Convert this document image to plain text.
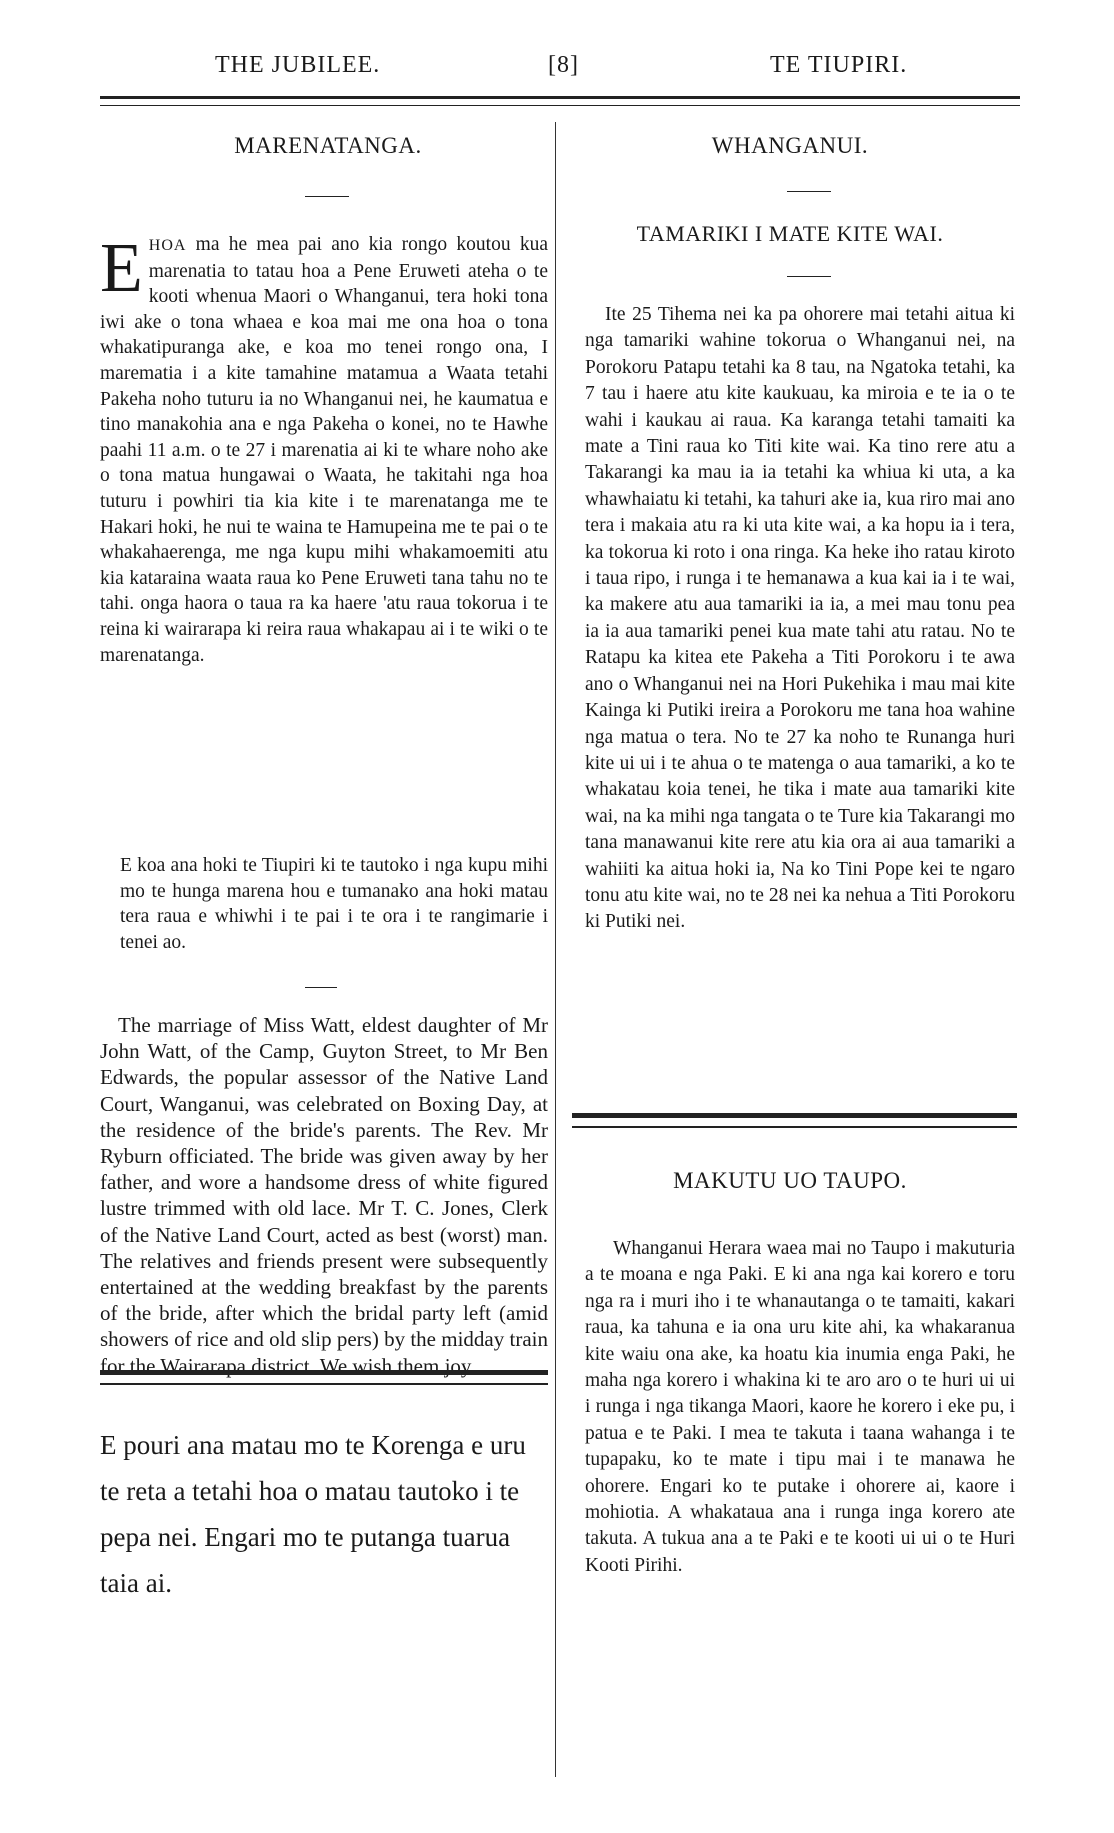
THE JUBILEE.	[8]	TE TIUPIRI.
MARENATANGA.

EHOA ma he mea pai ano kia rongo koutou kua marenatia to tatau hoa a Pene Eruweti ateha o te kooti whenua Maori o Whanganui, tera hoki tona iwi ake o tona whaea e koa mai me ona hoa o tona whakatipuranga ake, e koa mo tenei rongo ona, I marematia i a kite tamahine matamua a Waata tetahi Pakeha noho tuturu ia no Whanganui nei, he kaumatua e tino manakohia ana e nga Pakeha o konei, no te Hawhe paahi 11 a.m. o te 27 i marenatia ai ki te whare noho ake o tona matua hungawai o Waata, he takitahi nga hoa tuturu i powhiri tia kia kite i te marenatanga me te Hakari hoki, he nui te waina te Hamupeina me te pai o te whakahaerenga, me nga kupu mihi whakamoemiti atu kia kataraina waata raua ko Pene Eruweti tana tahu no te tahi. onga haora o taua ra ka haere 'atu raua tokorua i te reina ki wairarapa ki reira raua whakapau ai i te wiki o te marenatanga.

E koa ana hoki te Tiupiri ki te tautoko i nga kupu mihi mo te hunga marena hou e tumanako ana hoki matau tera raua e whiwhi i te pai i te ora i te rangimarie i tenei ao.

The marriage of Miss Watt, eldest daughter of Mr John Watt, of the Camp, Guyton Street, to Mr Ben Edwards, the popular assessor of the Native Land Court, Wanganui, was celebrated on Boxing Day, at the residence of the bride's parents. The Rev. Mr Ryburn officiated. The bride was given away by her father, and wore a handsome dress of white figured lustre trimmed with old lace. Mr T. C. Jones, Clerk of the Native Land Court, acted as best (worst) man. The relatives and friends present were subsequently entertained at the wedding breakfast by the parents of the bride, after which the bridal party left (amid showers of rice and old slip pers) by the midday train for the Wairarapa district. We wish them joy.

E pouri ana matau mo te Korenga e uru te reta a tetahi hoa o matau tautoko i te pepa nei. Engari mo te putanga tuarua taia ai.

WHANGANUI.
TAMARIKI I MATE KITE WAI.

Ite 25 Tihema nei ka pa ohorere mai tetahi aitua ki nga tamariki wahine tokorua o Whanganui nei, na Porokoru Patapu tetahi ka 8 tau, na Ngatoka tetahi, ka 7 tau i haere atu kite kaukuau, ka miroia e te ia o te wahi i kaukau ai raua. Ka karanga tetahi tamaiti ka mate a Tini raua ko Titi kite wai. Ka tino rere atu a Takarangi ka mau ia ia tetahi ka whiua ki uta, a ka whawhaiatu ki tetahi, ka tahuri ake ia, kua riro mai ano tera i makaia atu ra ki uta kite wai, a ka hopu ia i tera, ka tokorua ki roto i ona ringa. Ka heke iho ratau kiroto i taua ripo, i runga i te hemanawa a kua kai ia i te wai, ka makere atu aua tamariki ia ia, a mei mau tonu pea ia ia aua tamariki penei kua mate tahi atu ratau. No te Ratapu ka kitea ete Pakeha a Titi Porokoru i te awa ano o Whanganui nei na Hori Pukehika i mau mai kite Kainga ki Putiki ireira a Porokoru me tana hoa wahine nga matua o tera. No te 27 ka noho te Runanga huri kite ui ui i te ahua o te matenga o aua tamariki, a ko te whakatau koia tenei, he tika i mate aua tamariki kite wai, na ka mihi nga tangata o te Ture kia Takarangi mo tana manawanui kite rere atu kia ora ai aua tamariki a wahiiti ka aitua hoki ia, Na ko Tini Pope kei te ngaro tonu atu kite wai, no te 28 nei ka nehua a Titi Porokoru ki Putiki nei.

MAKUTU UO TAUPO.

Whanganui Herara waea mai no Taupo i makuturia a te moana e nga Paki. E ki ana nga kai korero e toru nga ra i muri iho i te whanautanga o te tamaiti, kakari raua, ka tahuna e ia ona uru kite ahi, ka whakaranua kite waiu ona ake, ka hoatu kia inumia enga Paki, he maha nga korero i whakina ki te aro aro o te huri ui ui i runga i nga tikanga Maori, kaore he korero i eke pu, i patua e te Paki. I mea te takuta i taana wahanga i te tupapaku, ko te mate i tipu mai i te manawa he ohorere. Engari ko te putake i ohorere ai, kaore i mohiotia. A whakataua ana i runga inga korero ate takuta. A tukua ana a te Paki e te kooti ui ui o te Huri Kooti Pirihi.
